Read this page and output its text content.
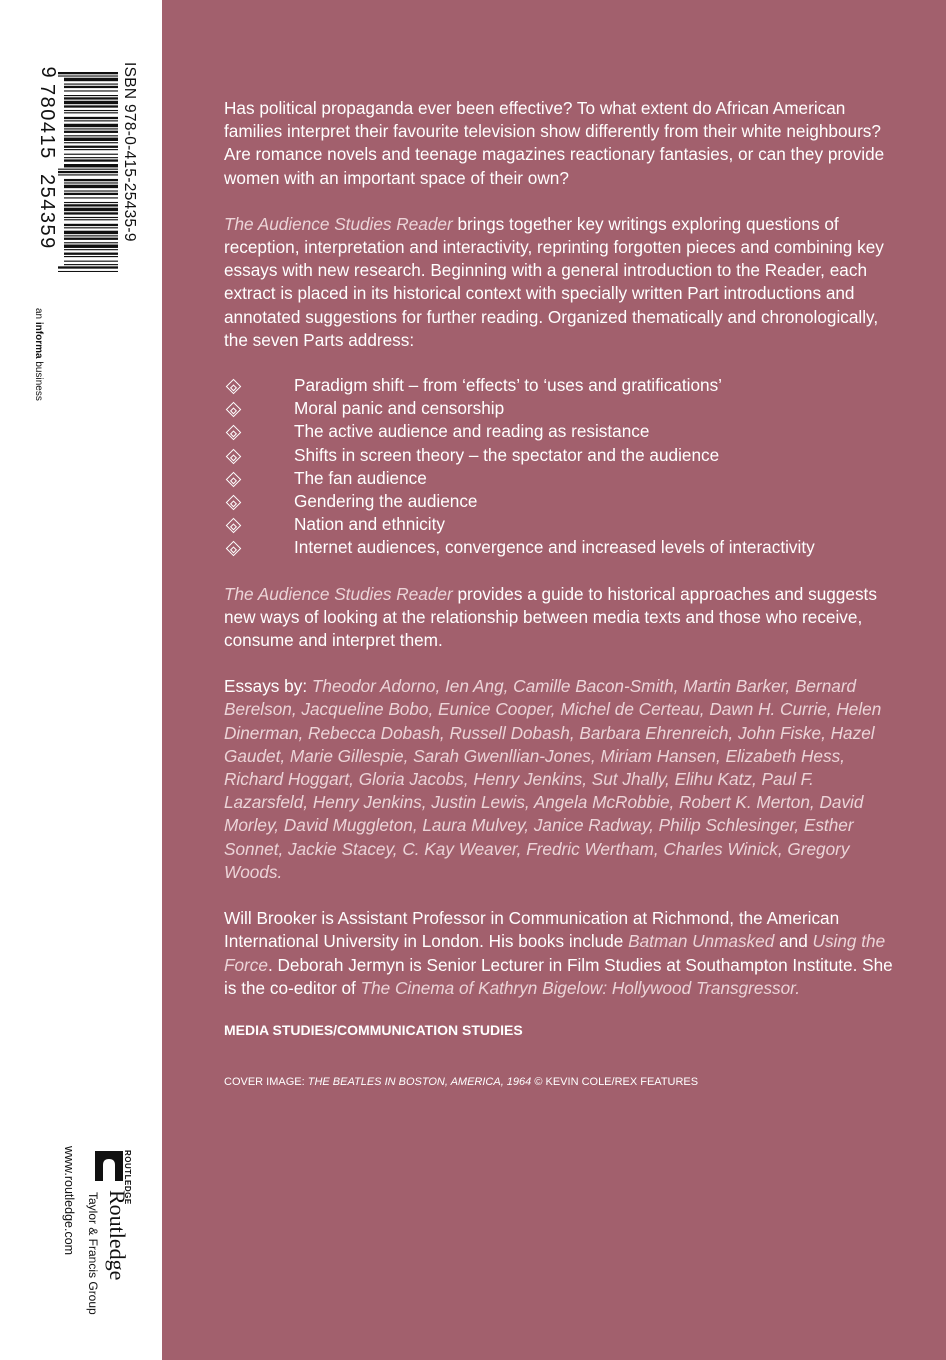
ISBN 978-0-415-25435-9
9
780415
254359
an informa business
ROUTLEDGE
Routledge
Taylor & Francis Group
www.routledge.com

Has political propaganda ever been effective? To what extent do African American families interpret their favourite television show differently from their white neighbours? Are romance novels and teenage magazines reactionary fantasies, or can they provide women with an important space of their own?

The Audience Studies Reader brings together key writings exploring questions of reception, interpretation and interactivity, reprinting forgotten pieces and combining key essays with new research. Beginning with a general introduction to the Reader, each extract is placed in its historical context with specially written Part introductions and annotated suggestions for further reading. Organized thematically and chronologically, the seven Parts address:

Paradigm shift – from ‘effects’ to ‘uses and gratifications’
Moral panic and censorship
The active audience and reading as resistance
Shifts in screen theory – the spectator and the audience
The fan audience
Gendering the audience
Nation and ethnicity
Internet audiences, convergence and increased levels of interactivity

The Audience Studies Reader provides a guide to historical approaches and suggests new ways of looking at the relationship between media texts and those who receive, consume and interpret them.

Essays by: Theodor Adorno, Ien Ang, Camille Bacon-Smith, Martin Barker, Bernard Berelson, Jacqueline Bobo, Eunice Cooper, Michel de Certeau, Dawn H. Currie, Helen Dinerman, Rebecca Dobash, Russell Dobash, Barbara Ehrenreich, John Fiske, Hazel Gaudet, Marie Gillespie, Sarah Gwenllian-Jones, Miriam Hansen, Elizabeth Hess, Richard Hoggart, Gloria Jacobs, Henry Jenkins, Sut Jhally, Elihu Katz, Paul F. Lazarsfeld, Henry Jenkins, Justin Lewis, Angela McRobbie, Robert K. Merton, David Morley, David Muggleton, Laura Mulvey, Janice Radway, Philip Schlesinger, Esther Sonnet, Jackie Stacey, C. Kay Weaver, Fredric Wertham, Charles Winick, Gregory Woods.

Will Brooker is Assistant Professor in Communication at Richmond, the American International University in London. His books include Batman Unmasked and Using the Force. Deborah Jermyn is Senior Lecturer in Film Studies at Southampton Institute. She is the co-editor of The Cinema of Kathryn Bigelow: Hollywood Transgressor.

MEDIA STUDIES/COMMUNICATION STUDIES

COVER IMAGE: THE BEATLES IN BOSTON, AMERICA, 1964 © KEVIN COLE/REX FEATURES
